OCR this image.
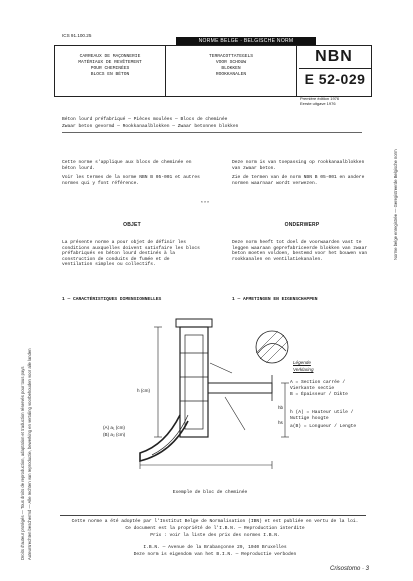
ICS 91.100.25
NORME BELGE · BELGISCHE NORM
CARREAUX DE MAÇONNERIE
MATÉRIAUX DE REVÊTEMENT
POUR CHEMINÉES
BLOCS EN BÉTON
TERRACOTTATEGELS
VOOR SCHOUW
BLOKKEN
ROOKKANALEN
NBN
E 52-029
Première édition 1976
Eerste uitgave 1976
Béton lourd préfabriqué — Pièces moulées — Blocs de cheminée
Zwaar beton gevormd — Rookkanaalblokken — Zwaar betonnen blokken
Cette norme s'applique aux blocs de cheminée en béton lourd.
Voir les termes de la norme NBN B 05-001 et autres normes qui y font référence.
Deze norm is van toepassing op rookkanaalblokken van zwaar beton.
Zie de termen van de norm NBN B 05-001 en andere normen waarnaar wordt verwezen.
* * *
OBJET	ONDERWERP
La présente norme a pour objet de définir les conditions auxquelles doivent satisfaire les blocs préfabriqués en béton lourd destinés à la construction de conduits de fumée et de ventilation simples ou collectifs.
Deze norm heeft tot doel de voorwaarden vast te leggen waaraan geprefabriceerde blokken van zwaar beton moeten voldoen, bestemd voor het bouwen van rookkanalen en ventilatiekanalen.
1 — CARACTÉRISTIQUES DIMENSIONNELLES	1 — AFMETINGEN EN EIGENSCHAPPEN
h (cm)
(A) a₁ (cm)
(B) a₂ (cm)
hb
hs
Légende
Verklaring
A = Section carrée / Vierkante sectie
B = Épaisseur / Dikte
h (A) = Hauteur utile / Nuttige hoogte
a(B) = Longueur / Lengte
Exemple de bloc de cheminée
Cette norme a été adoptée par l'Institut Belge de Normalisation (IBN) et est publiée en vertu de la loi.
Ce document est la propriété de l'I.B.N. — Reproduction interdite
Prix : voir la liste des prix des normes I.B.N.
I.B.N. — Avenue de la Brabançonne 29, 1040 Bruxelles
Deze norm is eigendom van het B.I.N. — Reproductie verboden
Droits d'auteur protégés — Tous droits de reproduction, adaptation et traduction réservés pour tous pays Auteursrechten beschermd — Alle rechten van reproductie, bewerking en vertaling voorbehouden voor alle landen
Norme belge enregistrée — Geregistreerde Belgische norm
Crisostomo · 3
